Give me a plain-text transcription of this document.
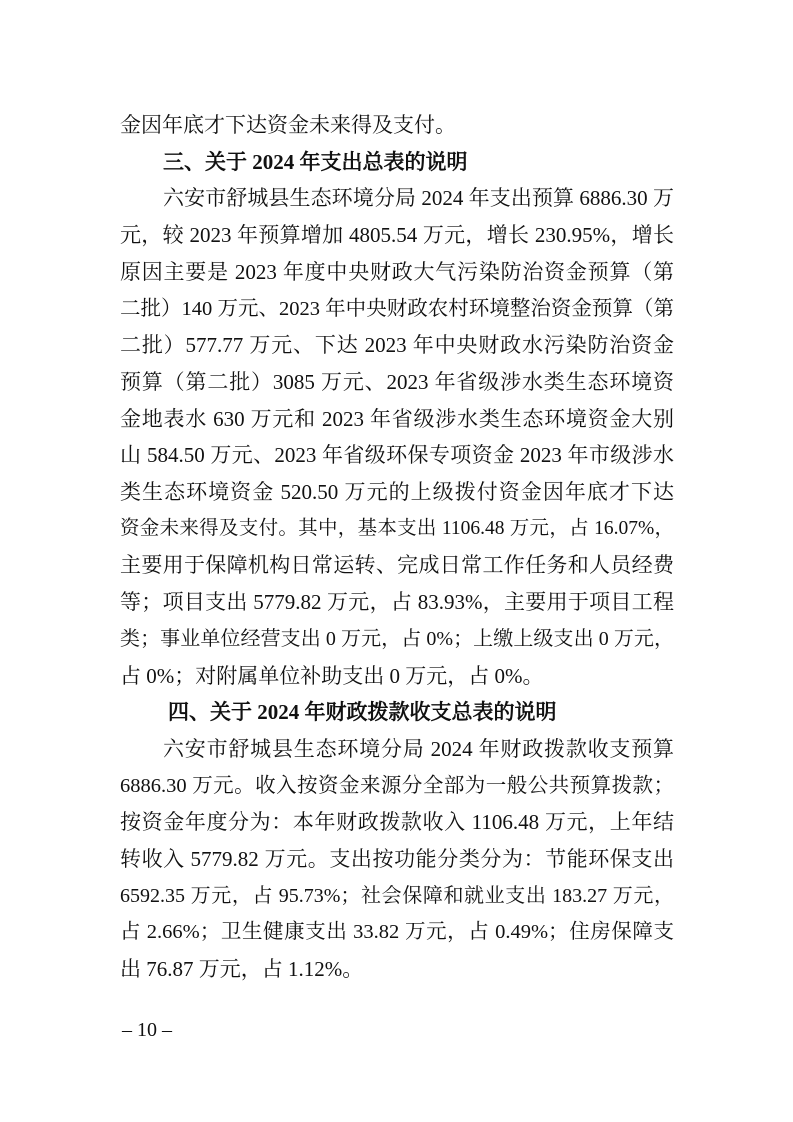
金因年底才下达资金未来得及支付。
三、关于 2024 年支出总表的说明
六安市舒城县生态环境分局 2024 年支出预算 6886.30 万
元，较 2023 年预算增加 4805.54 万元，增长 230.95%，增长
原因主要是 2023 年度中央财政大气污染防治资金预算（第
二批）140 万元、2023 年中央财政农村环境整治资金预算（第
二批）577.77 万元、下达 2023 年中央财政水污染防治资金
预算（第二批）3085 万元、2023 年省级涉水类生态环境资
金地表水 630 万元和 2023 年省级涉水类生态环境资金大别
山 584.50 万元、2023 年省级环保专项资金 2023 年市级涉水
类生态环境资金 520.50 万元的上级拨付资金因年底才下达
资金未来得及支付。其中，基本支出 1106.48 万元，占 16.07%，
主要用于保障机构日常运转、完成日常工作任务和人员经费
等；项目支出 5779.82 万元，占 83.93%，主要用于项目工程
类；事业单位经营支出 0 万元，占 0%；上缴上级支出 0 万元，
占 0%；对附属单位补助支出 0 万元，占 0%。
四、关于 2024 年财政拨款收支总表的说明
六安市舒城县生态环境分局 2024 年财政拨款收支预算
6886.30 万元。收入按资金来源分全部为一般公共预算拨款；
按资金年度分为：本年财政拨款收入 1106.48 万元，上年结
转收入 5779.82 万元。支出按功能分类分为：节能环保支出
6592.35 万元，占 95.73%；社会保障和就业支出 183.27 万元，
占 2.66%；卫生健康支出 33.82 万元，占 0.49%；住房保障支
出 76.87 万元，占 1.12%。
– 10 –
